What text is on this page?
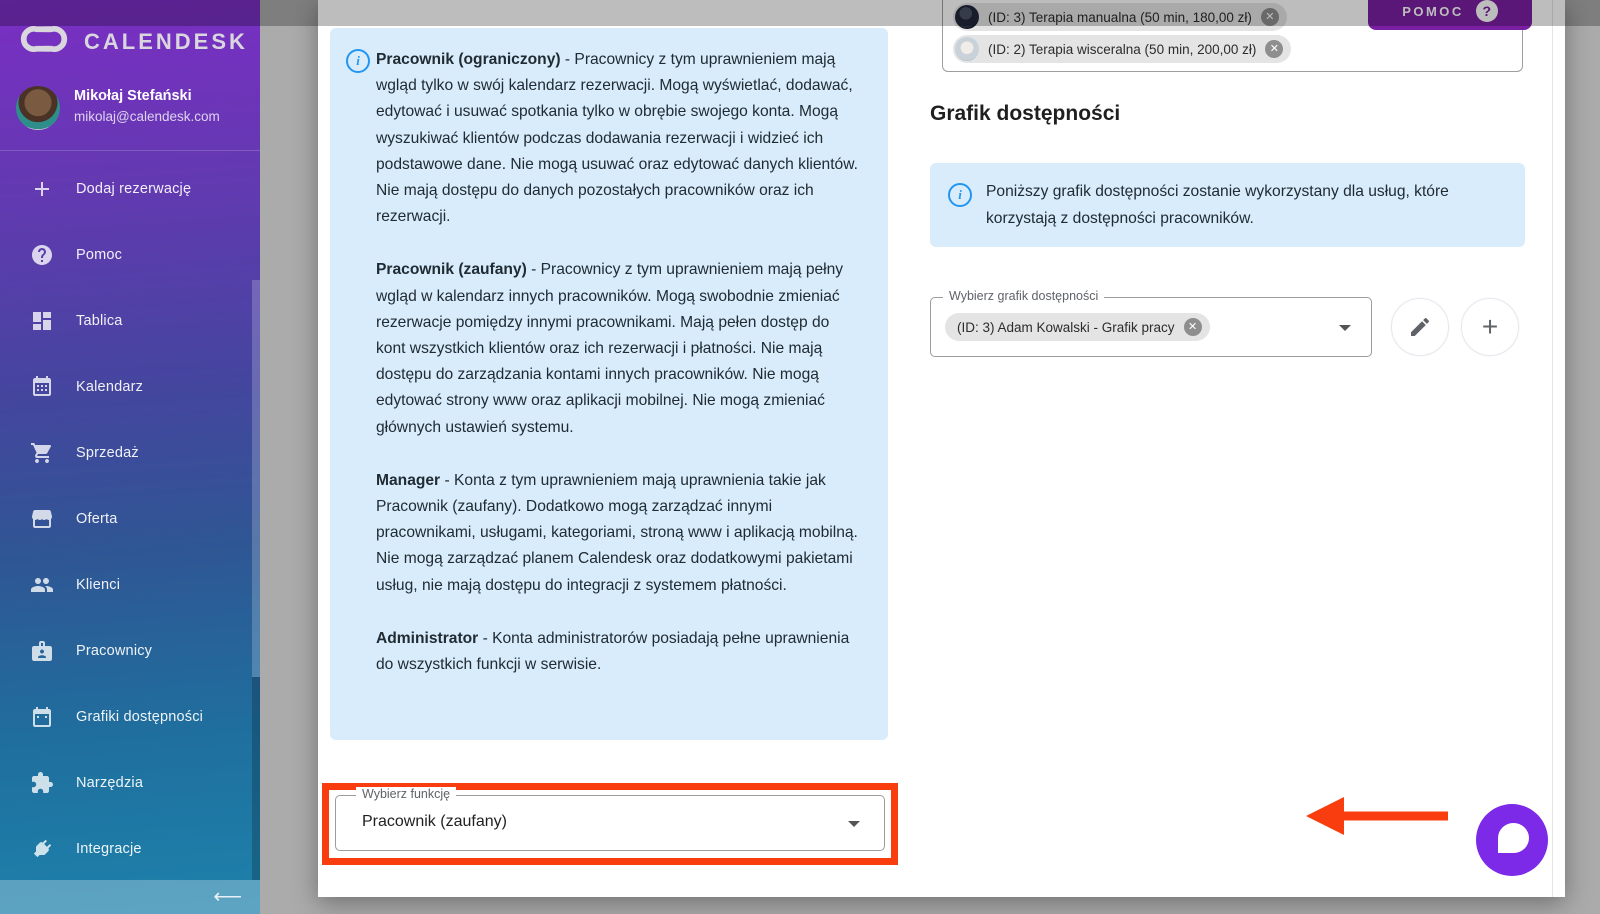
CALENDESK
Mikołaj Stefański
mikolaj@calendesk.com
Dodaj rezerwację
Pomoc
Tablica
Kalendarz
Sprzedaż
Oferta
Klienci
Pracownicy
Grafiki dostępności
Narzędzia
Integracje
⟵
i	Pracownik (ograniczony) - Pracownicy z tym uprawnieniem mają wgląd tylko w swój kalendarz rezerwacji. Mogą wyświetlać, dodawać, edytować i usuwać spotkania tylko w obrębie swojego konta. Mogą wyszukiwać klientów podczas dodawania rezerwacji i widzieć ich podstawowe dane. Nie mogą usuwać oraz edytować danych klientów. Nie mają dostępu do danych pozostałych pracowników oraz ich rezerwacji.

Pracownik (zaufany) - Pracownicy z tym uprawnieniem mają pełny wgląd w kalendarz innych pracowników. Mogą swobodnie zmieniać rezerwacje pomiędzy innymi pracownikami. Mają pełen dostęp do kont wszystkich klientów oraz ich rezerwacji i płatności. Nie mają dostępu do zarządzania kontami innych pracowników. Nie mogą edytować strony www oraz aplikacji mobilnej. Nie mogą zmieniać głównych ustawień systemu.

Manager - Konta z tym uprawnieniem mają uprawnienia takie jak Pracownik (zaufany). Dodatkowo mogą zarządzać innymi pracownikami, usługami, kategoriami, stroną www i aplikacją mobilną. Nie mogą zarządzać planem Calendesk oraz dodatkowymi pakietami usług, nie mają dostępu do integracji z systemem płatności.

Administrator - Konta administratorów posiadają pełne uprawnienia do wszystkich funkcji w serwisie.

Wybierz funkcję
Pracownik (zaufany)
(ID: 3) Terapia manualna (50 min, 180,00 zł)	✕
(ID: 2) Terapia wisceralna (50 min, 200,00 zł)	✕
Grafik dostępności
i	Poniższy grafik dostępności zostanie wykorzystany dla usług, które korzystają z dostępności pracowników.
Wybierz grafik dostępności
(ID: 3) Adam Kowalski - Grafik pracy	✕	+
POMOC	?
